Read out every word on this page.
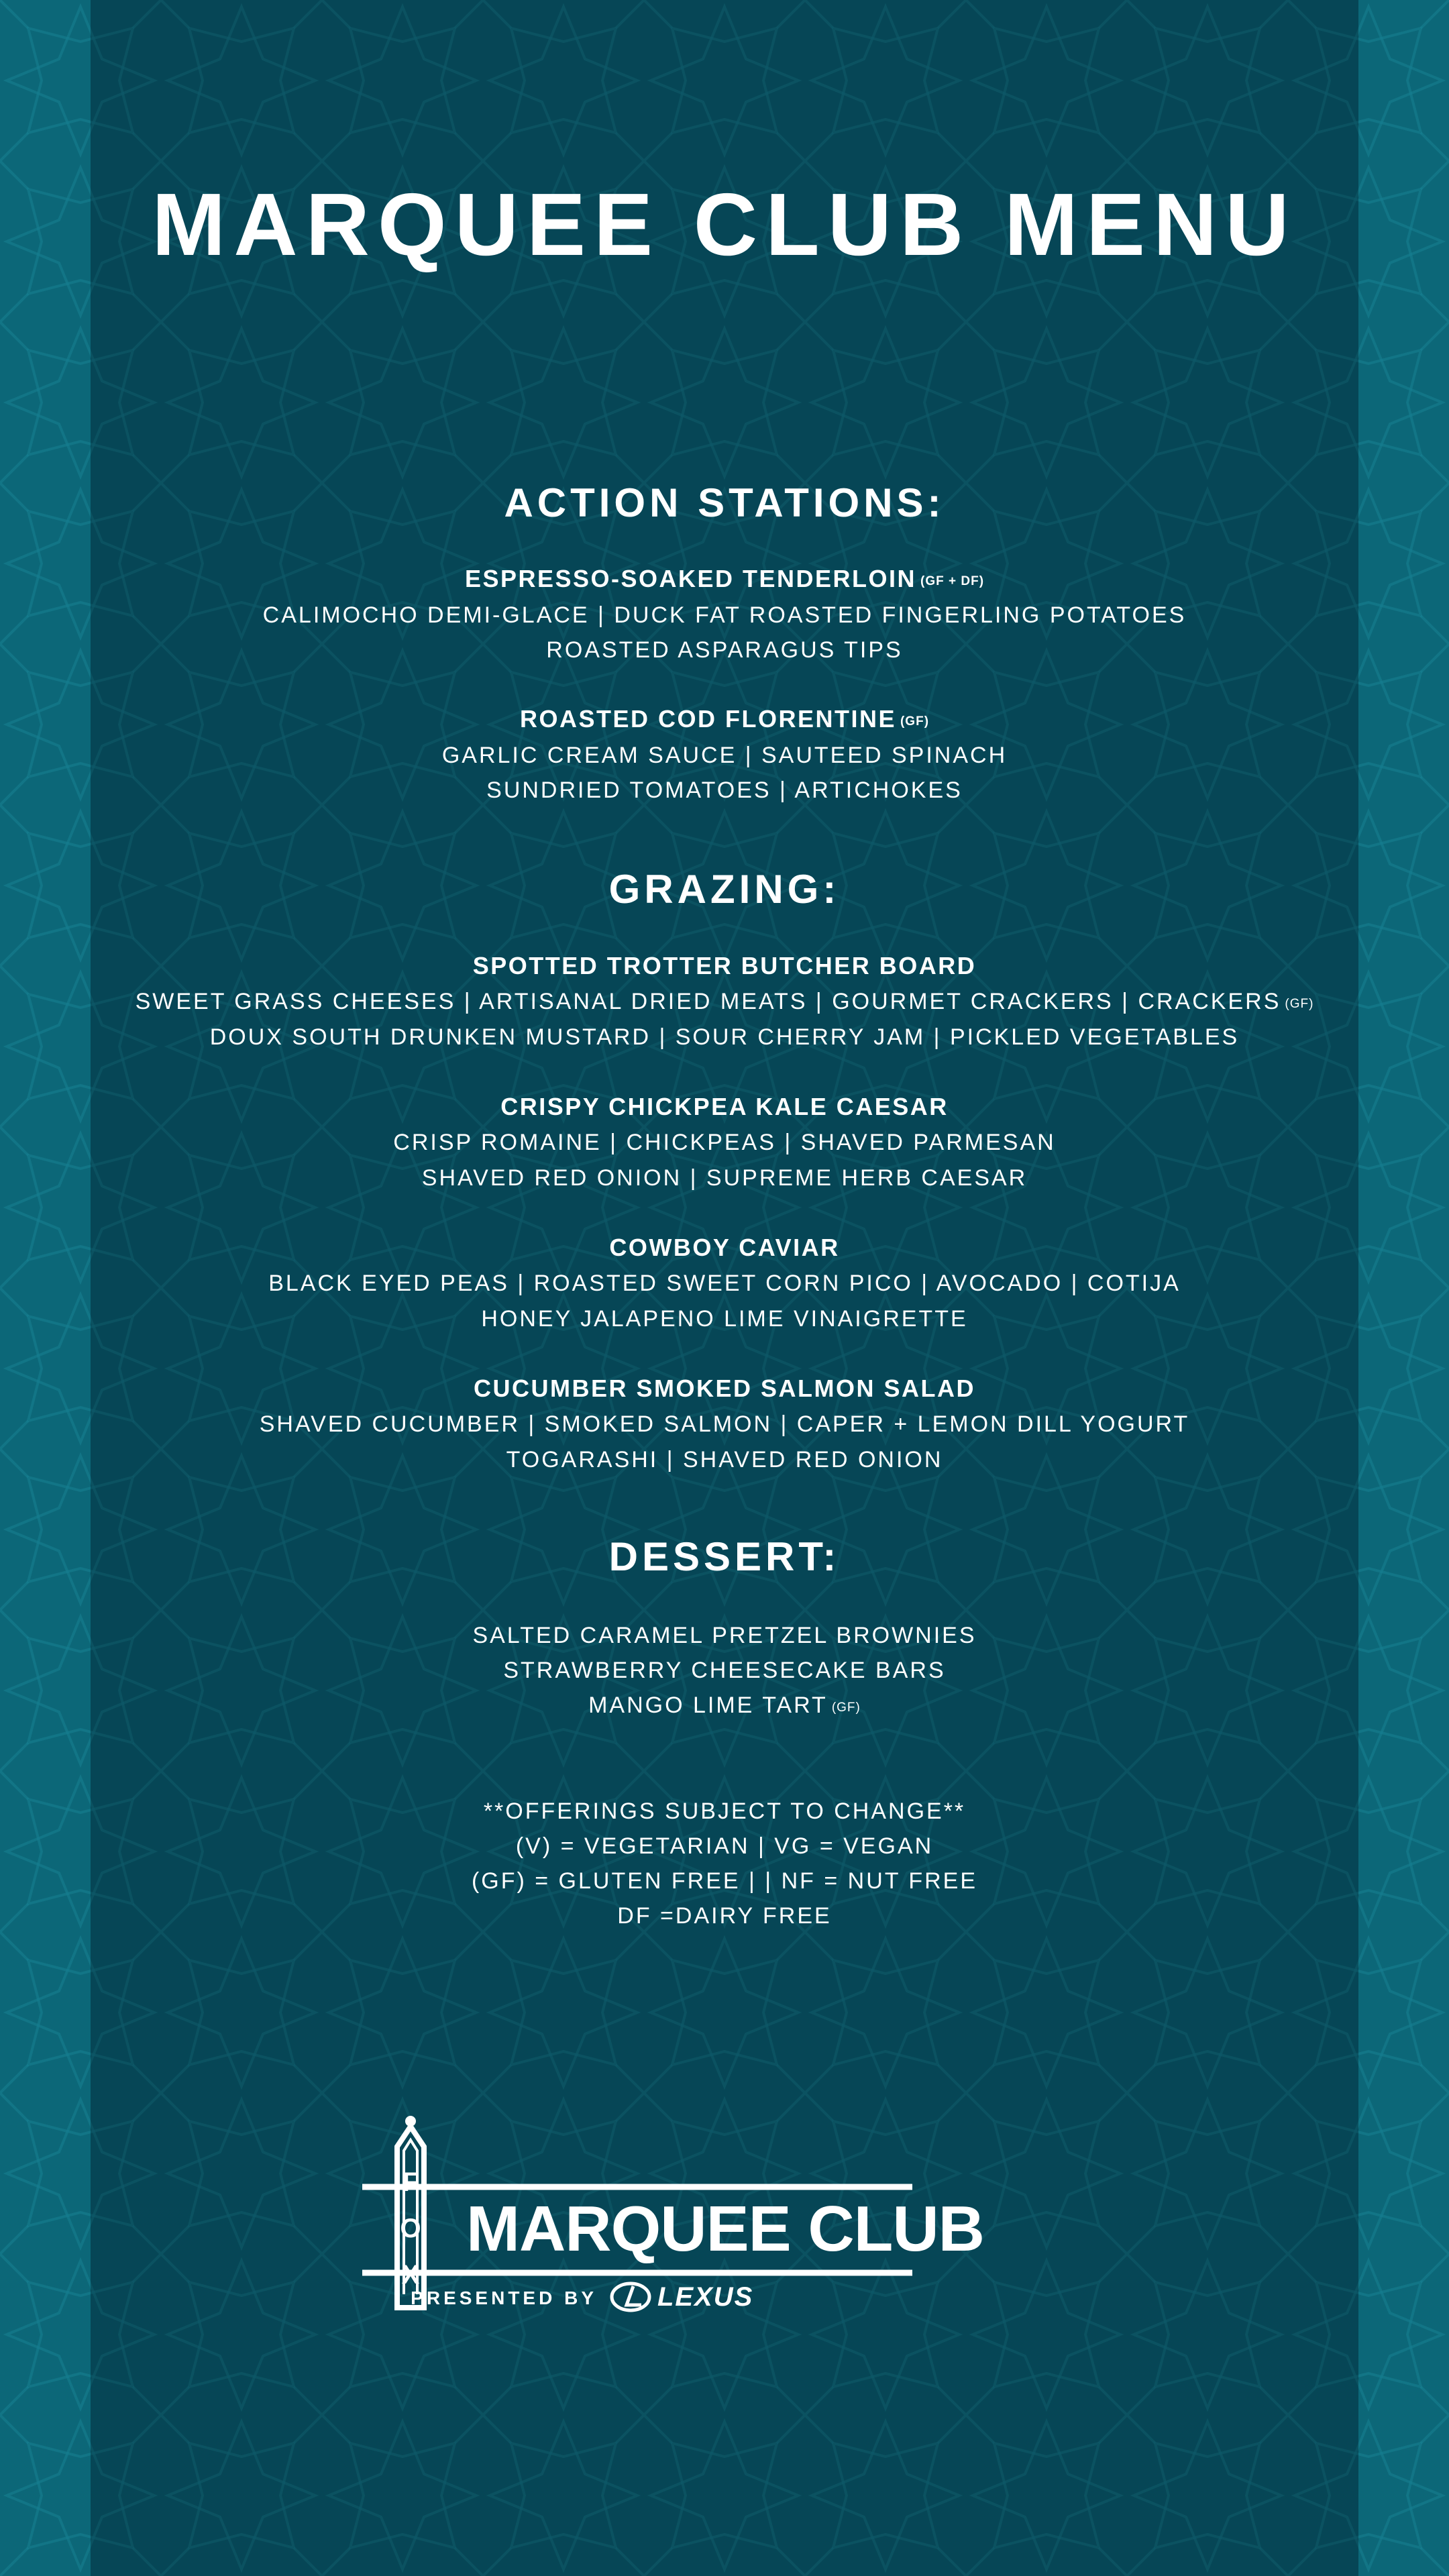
MARQUEE CLUB MENU
ACTION STATIONS:

ESPRESSO-SOAKED TENDERLOIN $^{(GF + DF)}$

CALIMOCHO DEMI-GLACE | DUCK FAT ROASTED FINGERLING POTATOES

ROASTED ASPARAGUS TIPS

ROASTED COD FLORENTINE $^{(GF)}$

GARLIC CREAM SAUCE | SAUTEED SPINACH

SUNDRIED TOMATOES | ARTICHOKES

GRAZING:

SPOTTED TROTTER BUTCHER BOARD

SWEET GRASS CHEESES | ARTISANAL DRIED MEATS | GOURMET CRACKERS | CRACKERS $^{(GF)}$

DOUX SOUTH DRUNKEN MUSTARD | SOUR CHERRY JAM | PICKLED VEGETABLES

CRISPY CHICKPEA KALE CAESAR

CRISP ROMAINE | CHICKPEAS | SHAVED PARMESAN

SHAVED RED ONION | SUPREME HERB CAESAR

COWBOY CAVIAR

BLACK EYED PEAS | ROASTED SWEET CORN PICO | AVOCADO | COTIJA

HONEY JALAPENO LIME VINAIGRETTE

CUCUMBER SMOKED SALMON SALAD

SHAVED CUCUMBER | SMOKED SALMON | CAPER + LEMON DILL YOGURT

TOGARASHI | SHAVED RED ONION

DESSERT:

SALTED CARAMEL PRETZEL BROWNIES

STRAWBERRY CHEESECAKE BARS

MANGO LIME TART $^{(GF)}$

**OFFERINGS SUBJECT TO CHANGE**

(V) = VEGETARIAN | VG = VEGAN

(GF) = GLUTEN FREE | | NF = NUT FREE

DF =DAIRY FREE

F
O
X
MARQUEE CLUB
PRESENTED BY LEXUS
